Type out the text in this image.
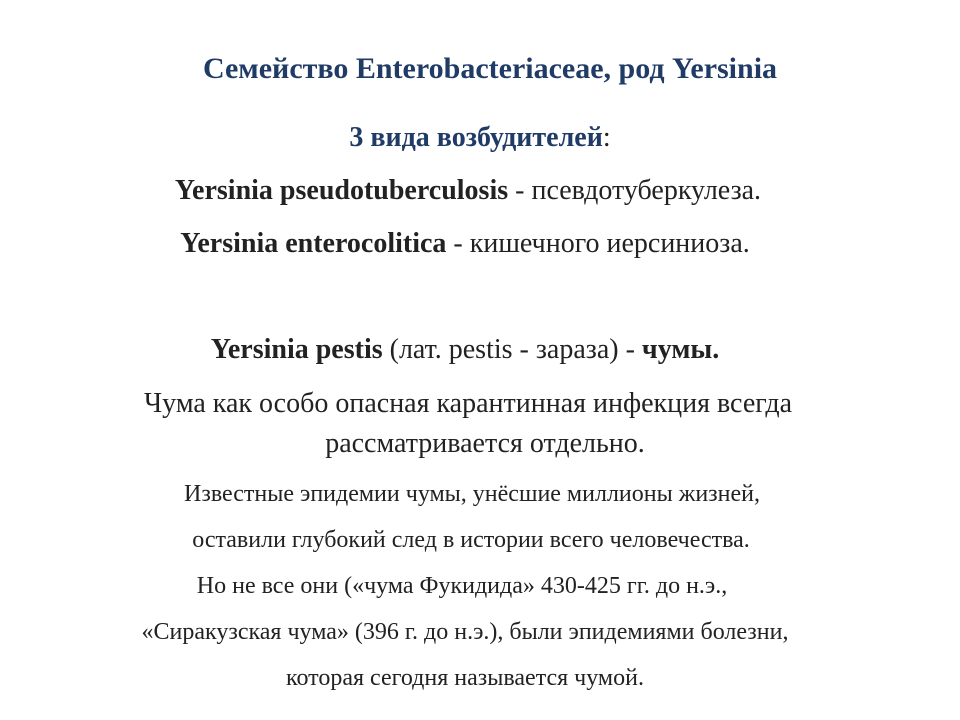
Семейство Enterobacteriaceae, род Yersinia
3 вида возбудителей:
Yersinia pseudotuberculosis - псевдотуберкулеза.
Yersinia enterocolitica - кишечного иерсиниоза.
Yersinia pestis (лат. pestis - зараза) - чумы.
Чума как особо опасная карантинная инфекция всегда
рассматривается отдельно.
Известные эпидемии чумы, унёсшие миллионы жизней,
оставили глубокий след в истории всего человечества.
Но не все они («чума Фукидида» 430-425 гг. до н.э.,
«Сиракузская чума» (396 г. до н.э.), были эпидемиями болезни,
которая сегодня называется чумой.
